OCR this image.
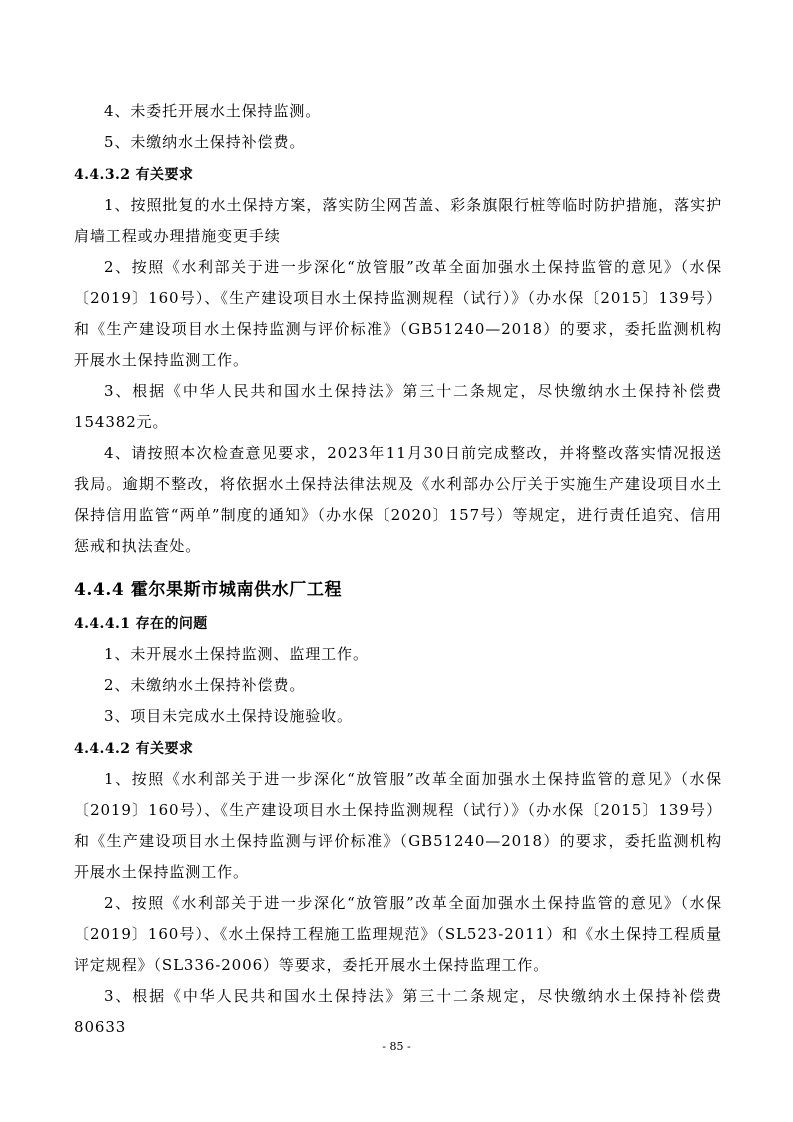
4、未委托开展水土保持监测。

5、未缴纳水土保持补偿费。

4.4.3.2 有关要求

1、按照批复的水土保持方案，落实防尘网苫盖、彩条旗限行桩等临时防护措施，落实护肩墙工程或办理措施变更手续

2、按照《水利部关于进一步深化“放管服”改革全面加强水土保持监管的意见》（水保〔2019〕160号）、《生产建设项目水土保持监测规程（试行）》（办水保〔2015〕139号）和《生产建设项目水土保持监测与评价标准》（GB51240—2018）的要求，委托监测机构开展水土保持监测工作。

3、根据《中华人民共和国水土保持法》第三十二条规定，尽快缴纳水土保持补偿费154382元。

4、请按照本次检查意见要求，2023年11月30日前完成整改，并将整改落实情况报送我局。逾期不整改，将依据水土保持法律法规及《水利部办公厅关于实施生产建设项目水土保持信用监管“两单”制度的通知》（办水保〔2020〕157号）等规定，进行责任追究、信用惩戒和执法查处。

4.4.4 霍尔果斯市城南供水厂工程
4.4.4.1 存在的问题

1、未开展水土保持监测、监理工作。

2、未缴纳水土保持补偿费。

3、项目未完成水土保持设施验收。

4.4.4.2 有关要求

1、按照《水利部关于进一步深化“放管服”改革全面加强水土保持监管的意见》（水保〔2019〕160号）、《生产建设项目水土保持监测规程（试行）》（办水保〔2015〕139号）和《生产建设项目水土保持监测与评价标准》（GB51240—2018）的要求，委托监测机构开展水土保持监测工作。

2、按照《水利部关于进一步深化“放管服”改革全面加强水土保持监管的意见》（水保〔2019〕160号）、《水土保持工程施工监理规范》（SL523-2011）和《水土保持工程质量评定规程》（SL336-2006）等要求，委托开展水土保持监理工作。

3、根据《中华人民共和国水土保持法》第三十二条规定，尽快缴纳水土保持补偿费80633

- 85 -
